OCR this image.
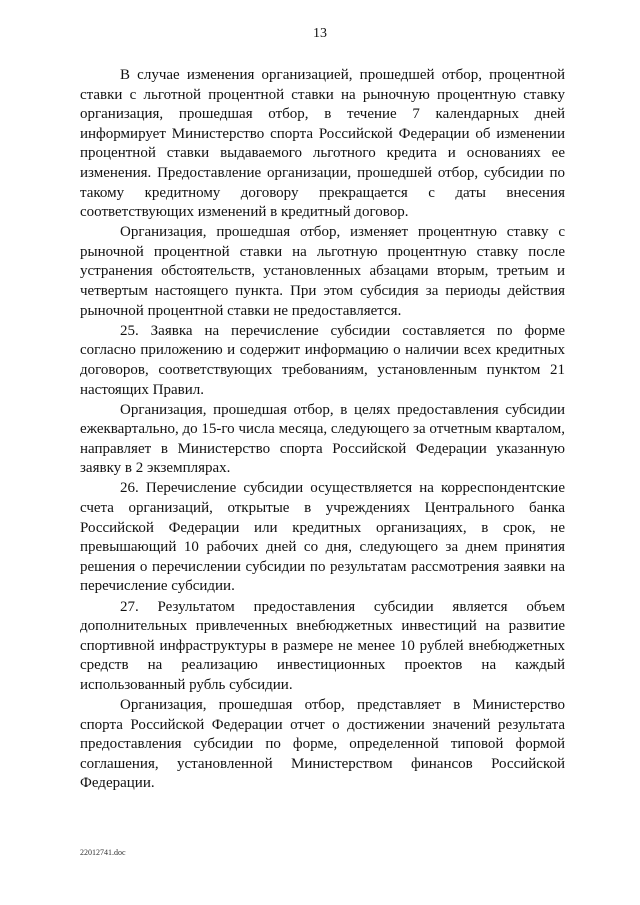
13

В случае изменения организацией, прошедшей отбор, процентной ставки с льготной процентной ставки на рыночную процентную ставку организация, прошедшая отбор, в течение 7 календарных дней информирует Министерство спорта Российской Федерации об изменении процентной ставки выдаваемого льготного кредита и основаниях ее изменения. Предоставление организации, прошедшей отбор, субсидии по такому кредитному договору прекращается с даты внесения соответствующих изменений в кредитный договор.

Организация, прошедшая отбор, изменяет процентную ставку с рыночной процентной ставки на льготную процентную ставку после устранения обстоятельств, установленных абзацами вторым, третьим и четвертым настоящего пункта. При этом субсидия за периоды действия рыночной процентной ставки не предоставляется.

25. Заявка на перечисление субсидии составляется по форме согласно приложению и содержит информацию о наличии всех кредитных договоров, соответствующих требованиям, установленным пунктом 21 настоящих Правил.

Организация, прошедшая отбор, в целях предоставления субсидии ежеквартально, до 15-го числа месяца, следующего за отчетным кварталом, направляет в Министерство спорта Российской Федерации указанную заявку в 2 экземплярах.

26. Перечисление субсидии осуществляется на корреспондентские счета организаций, открытые в учреждениях Центрального банка Российской Федерации или кредитных организациях, в срок, не превышающий 10 рабочих дней со дня, следующего за днем принятия решения о перечислении субсидии по результатам рассмотрения заявки на перечисление субсидии.

27. Результатом предоставления субсидии является объем дополнительных привлеченных внебюджетных инвестиций на развитие спортивной инфраструктуры в размере не менее 10 рублей внебюджетных средств на реализацию инвестиционных проектов на каждый использованный рубль субсидии.

Организация, прошедшая отбор, представляет в Министерство спорта Российской Федерации отчет о достижении значений результата предоставления субсидии по форме, определенной типовой формой соглашения, установленной Министерством финансов Российской Федерации.

22012741.doc
